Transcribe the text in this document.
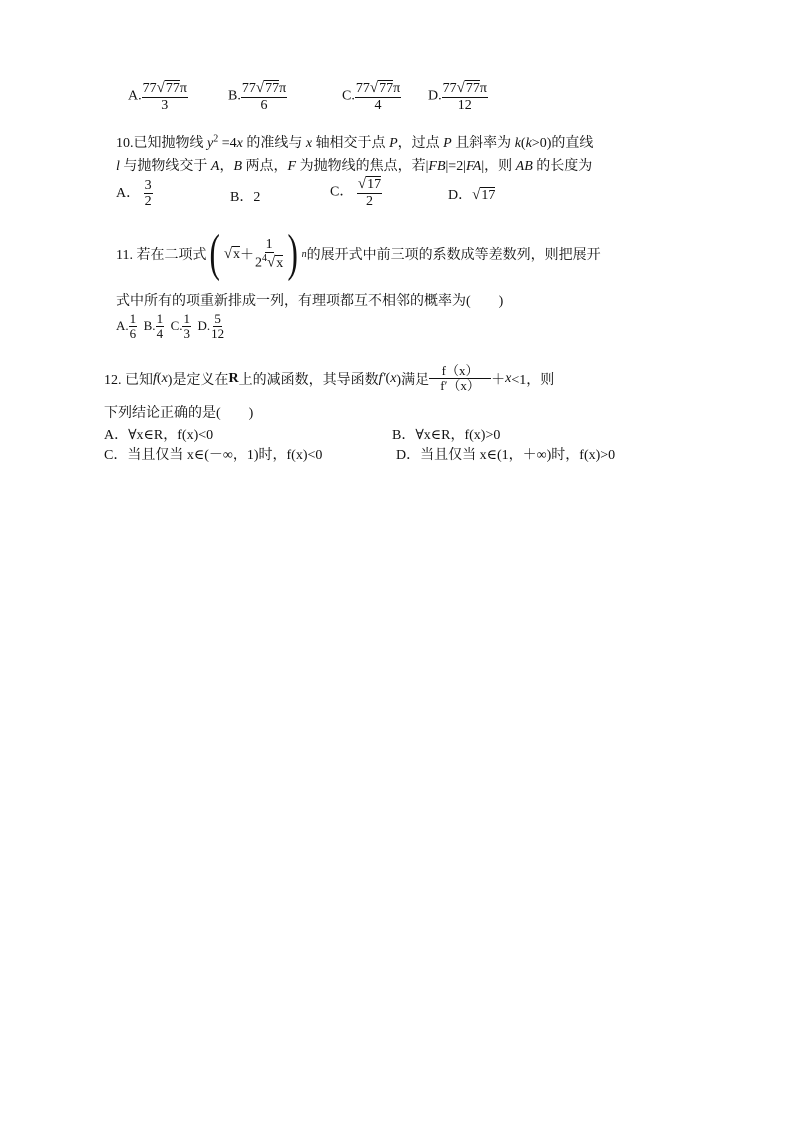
A. $\frac{77√77\pi}{3}$	B. $\frac{77√77\pi}{6}$	C. $\frac{77√77\pi}{4} D$. $\frac{77√77\pi}{12}$
10.已知抛物线 $y^2 =4x$ 的准线与 x 轴相交于点 P，过点 P 且斜率为 k(k>0)的直线
l 与抛物线交于 A，B 两点，F 为抛物线的焦点，若|FB|=2|FA|，则 AB 的长度为
A． $\frac{3}{2}$	B．2	C． $\frac{√17}{2}$	D．√17
11. 若在二项式 ( √ $x + \frac{1}{2^4√x}$ ) n 的展开式中前三项的系数成等差数列，则把展开
式中所有的项重新排成一列，有理项都互不相邻的概率为(　　)
A. $\frac{1}{6} B$. $\frac{1}{4} C$. $\frac{1}{3} D$. $\frac{5}{12}$
12. 已知 f ( x )是定义在 R 上的减函数，其导函数 f′ ( x )满足 $\frac{f(x)}{f'(x)} + x <1$，则
下列结论正确的是(　　)
A．∀x∈R，f(x)<0	B．∀x∈R，f(x)>0
C．当且仅当 x∈(－∞，1)时，f(x)<0	D．当且仅当 x∈(1，＋∞)时，f(x)>0
